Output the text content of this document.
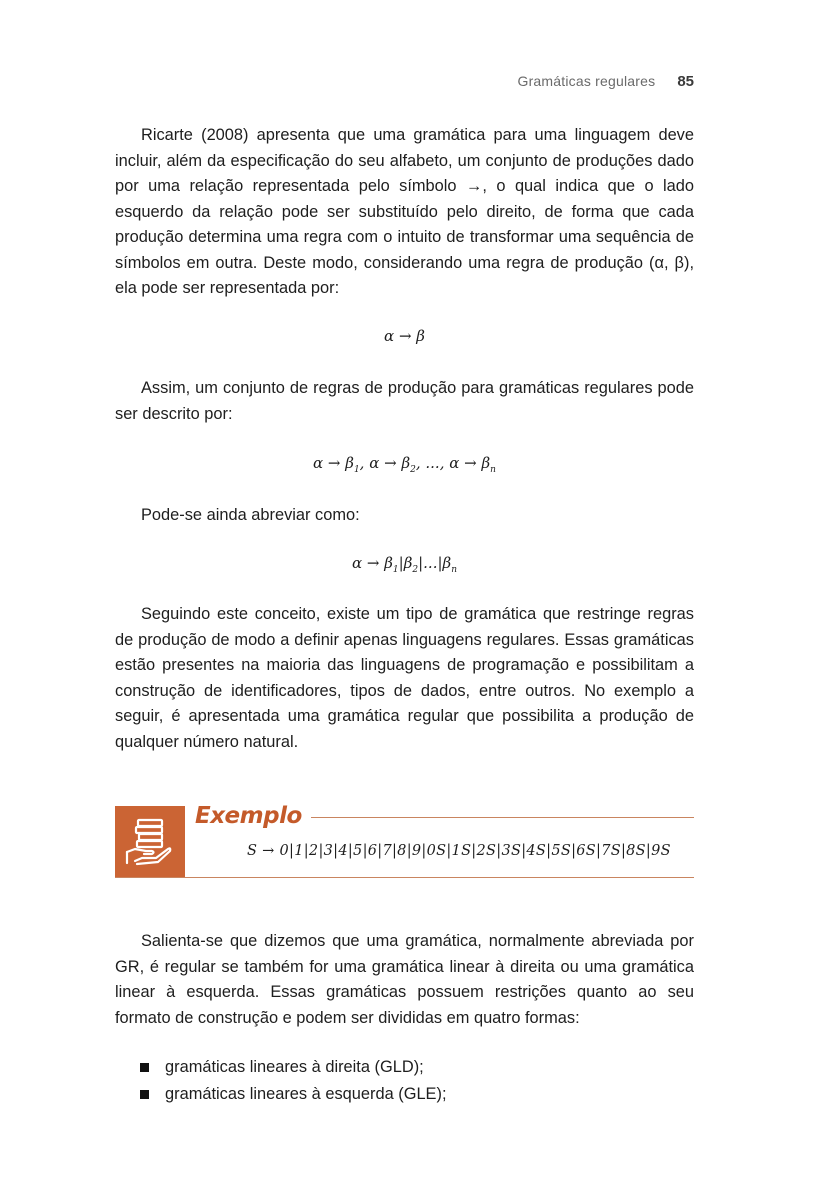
Gramáticas regulares 85

Ricarte (2008) apresenta que uma gramática para uma linguagem deve incluir, além da especificação do seu alfabeto, um conjunto de produções dado por uma relação representada pelo símbolo →, o qual indica que o lado esquerdo da relação pode ser substituído pelo direito, de forma que cada produção determina uma regra com o intuito de transformar uma sequência de símbolos em outra. Deste modo, considerando uma regra de produção (α, β), ela pode ser representada por:

α → β

Assim, um conjunto de regras de produção para gramáticas regulares pode ser descrito por:

$\alpha \to \beta_1$, $\alpha \to \beta_2$, ..., $\alpha \to \beta_n$

Pode-se ainda abreviar como:

$\alpha \to \beta_1|\beta_2|...|\beta_n$

Seguindo este conceito, existe um tipo de gramática que restringe regras de produção de modo a definir apenas linguagens regulares. Essas gramáticas estão presentes na maioria das linguagens de programação e possibilitam a construção de identificadores, tipos de dados, entre outros. No exemplo a seguir, é apresentada uma gramática regular que possibilita a produção de qualquer número natural.

Exemplo
S → 0|1|2|3|4|5|6|7|8|9|0S|1S|2S|3S|4S|5S|6S|7S|8S|9S

Salienta-se que dizemos que uma gramática, normalmente abreviada por GR, é regular se também for uma gramática linear à direita ou uma gramática linear à esquerda. Essas gramáticas possuem restrições quanto ao seu formato de construção e podem ser divididas em quatro formas:

gramáticas lineares à direita (GLD);
gramáticas lineares à esquerda (GLE);
